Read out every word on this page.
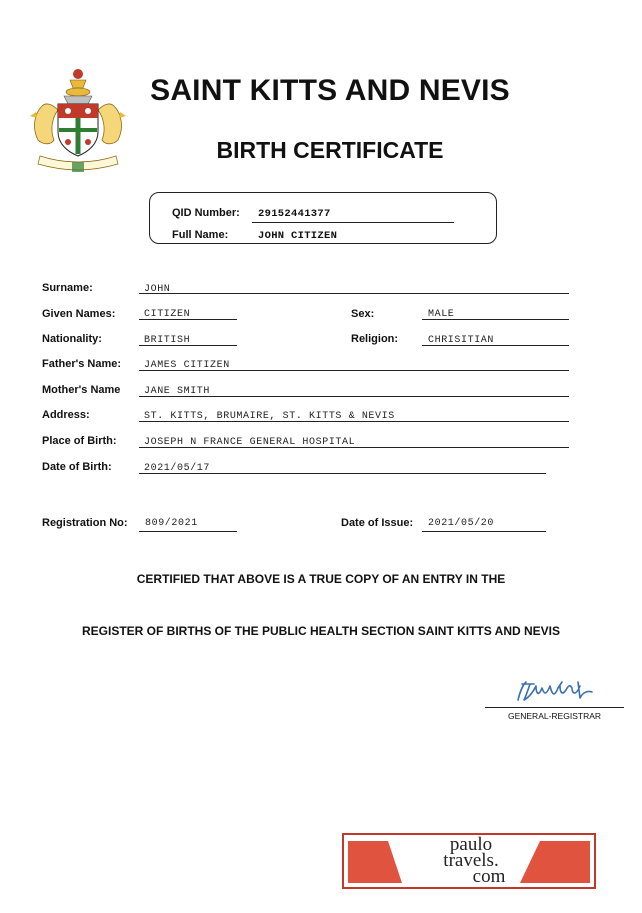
SAINT KITTS AND NEVIS
BIRTH CERTIFICATE
QID Number: 29152441377
Full Name:	JOHN CITIZEN
Surname:	JOHN
Given Names:	CITIZEN	Sex:	MALE
Nationality:	BRITISH	Religion:	CHRISITIAN
Father's Name: JAMES CITIZEN
Mother's Name JANE SMITH
Address:	ST. KITTS, BRUMAIRE, ST. KITTS & NEVIS
Place of Birth:	JOSEPH N FRANCE GENERAL HOSPITAL
Date of Birth:	2021/05/17
Registration No: 809/2021	Date of Issue: 2021/05/20
CERTIFIED THAT ABOVE IS A TRUE COPY OF AN ENTRY IN THE
REGISTER OF BIRTHS OF THE PUBLIC HEALTH SECTION SAINT KITTS AND NEVIS
GENERAL-REGISTRAR
paulo
travels.
com
